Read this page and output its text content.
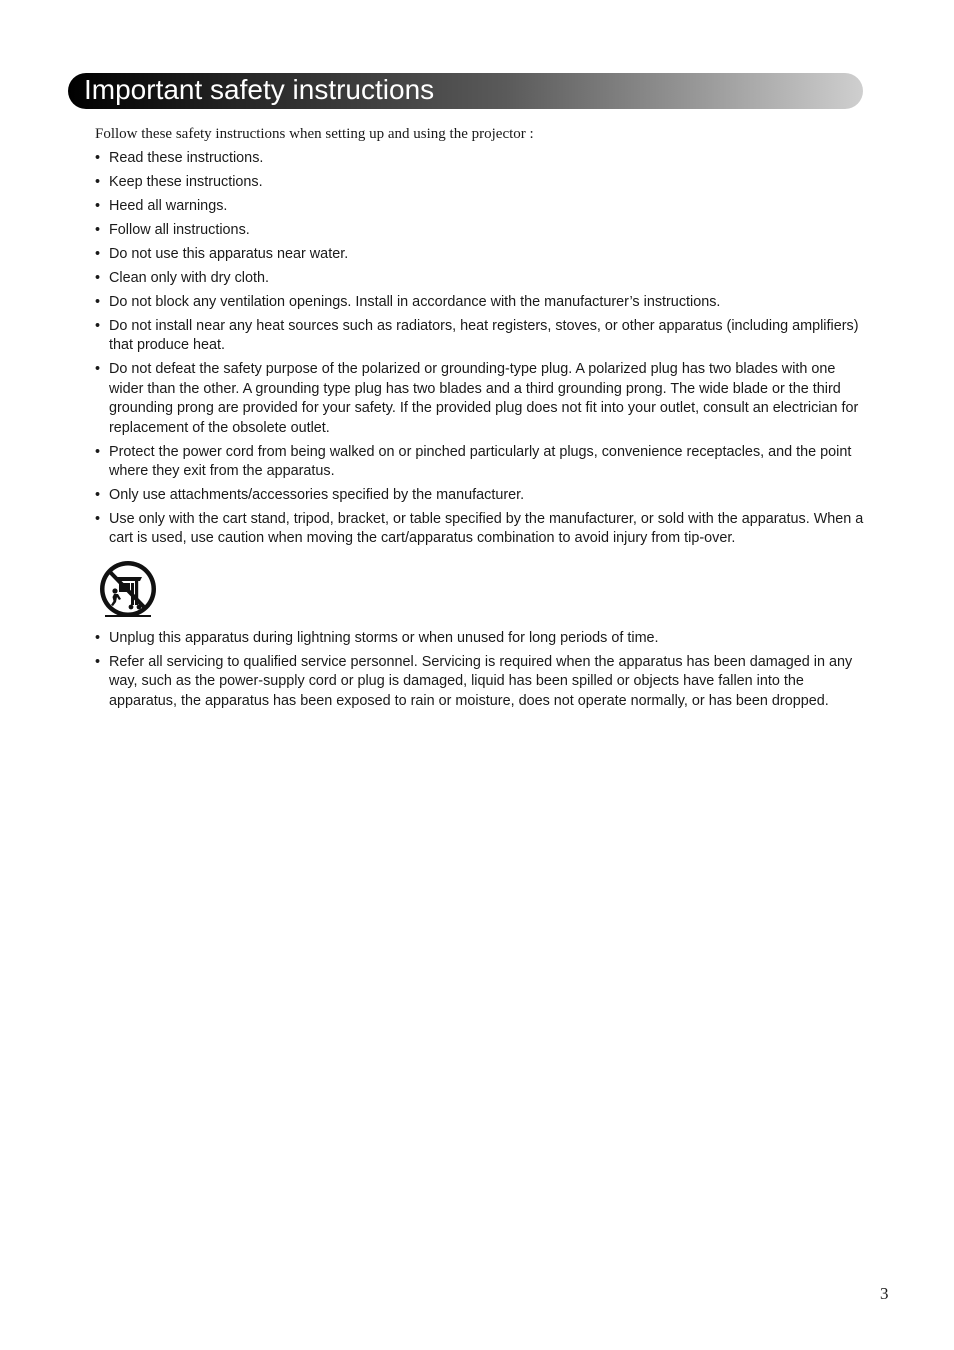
Important safety instructions

Follow these safety instructions when setting up and using the projector :

• Read these instructions.
• Keep these instructions.
• Heed all warnings.
• Follow all instructions.
• Do not use this apparatus near water.
• Clean only with dry cloth.
• Do not block any ventilation openings. Install in accordance with the manufacturer’s instructions.
• Do not install near any heat sources such as radiators, heat registers, stoves, or other apparatus (including amplifiers) that produce heat.
• Do not defeat the safety purpose of the polarized or grounding-type plug. A polarized plug has two blades with one wider than the other. A grounding type plug has two blades and a third grounding prong. The wide blade or the third grounding prong are provided for your safety. If the provided plug does not fit into your outlet, consult an electrician for replacement of the obsolete outlet.
• Protect the power cord from being walked on or pinched particularly at plugs, convenience receptacles, and the point where they exit from the apparatus.
• Only use attachments/accessories specified by the manufacturer.
• Use only with the cart stand, tripod, bracket, or table specified by the manufacturer, or sold with the apparatus. When a cart is used, use caution when moving the cart/apparatus combination to avoid injury from tip-over.
• Unplug this apparatus during lightning storms or when unused for long periods of time.
• Refer all servicing to qualified service personnel. Servicing is required when the apparatus has been damaged in any way, such as the power-supply cord or plug is damaged, liquid has been spilled or objects have fallen into the apparatus, the apparatus has been exposed to rain or moisture, does not operate normally, or has been dropped.
3
